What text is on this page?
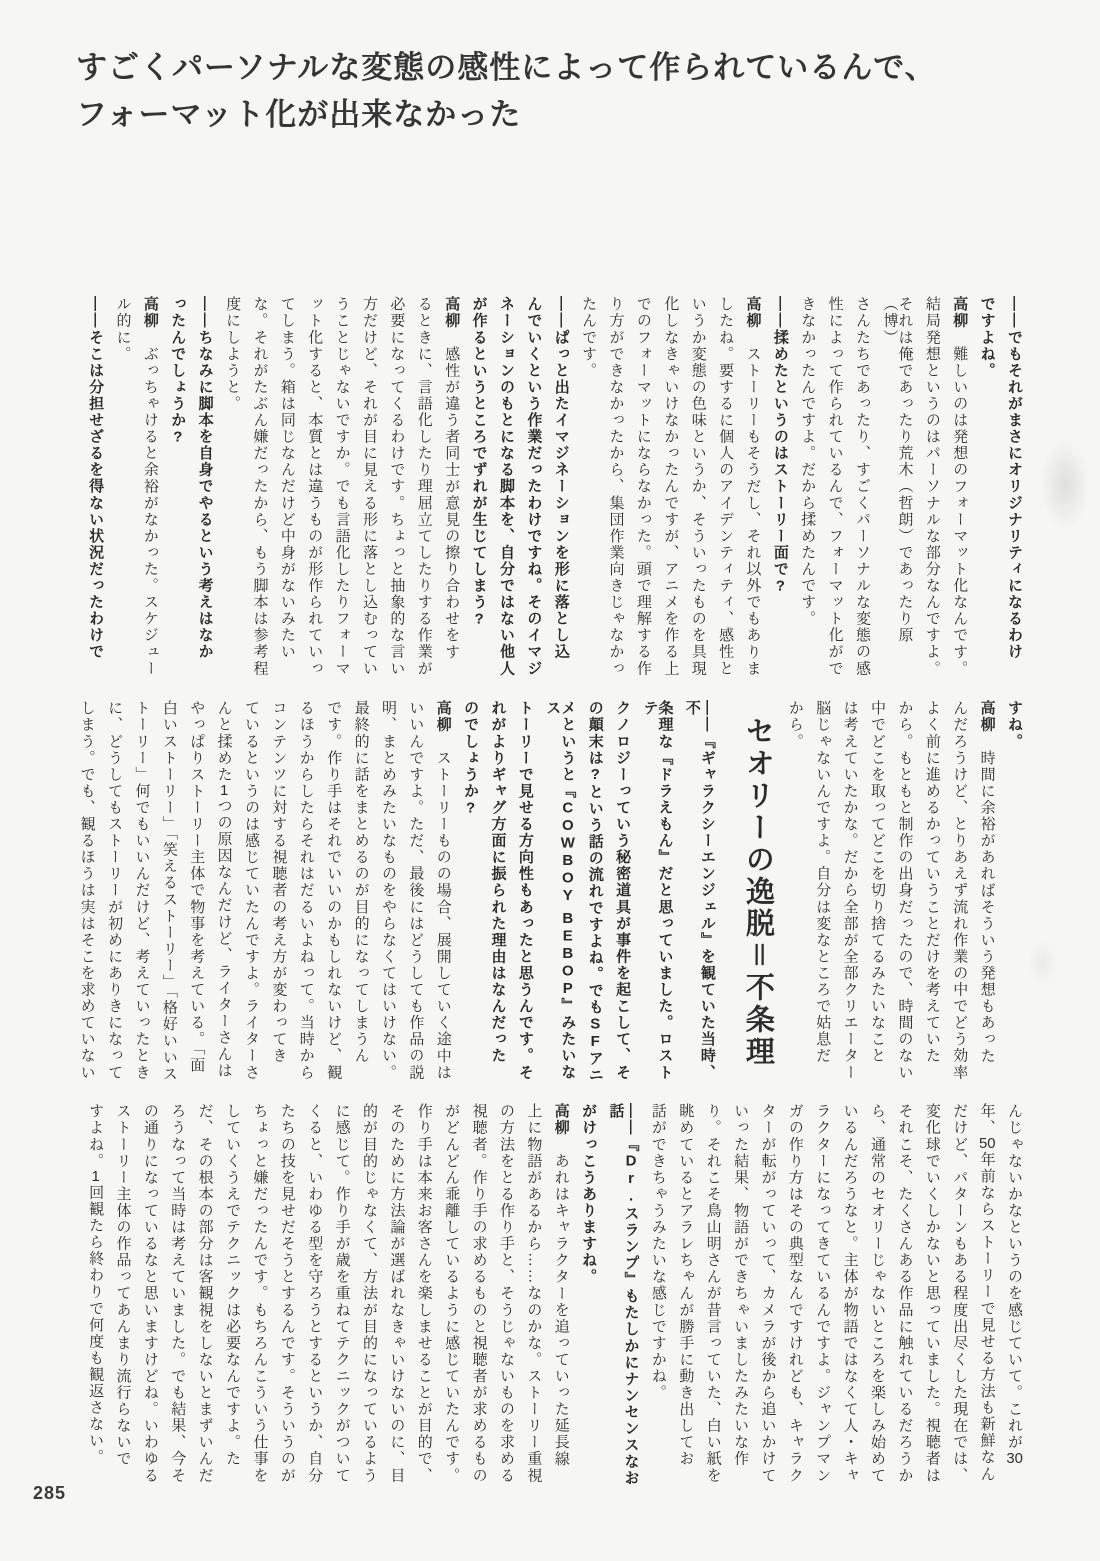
すごくパーソナルな変態の感性によって作られているんで、
フォーマット化が出来なかった
——でもそれがまさにオリジナリティになるわけ
ですよね。
高柳　難しいのは発想のフォーマット化なんです。
結局発想というのはパーソナルな部分なんですよ。
それは俺であったり荒木（哲朗）であったり原（博）
さんたちであったり、すごくパーソナルな変態の感
性によって作られているんで、フォーマット化がで
きなかったんですよ。だから揉めたんです。
——揉めたというのはストーリー面で?
高柳　ストーリーもそうだし、それ以外でもありま
したね。要するに個人のアイデンティティ、感性と
いうか変態の色味というか、そういったものを具現
化しなきゃいけなかったんですが、アニメを作る上
でのフォーマットにならなかった。頭で理解する作
り方ができなかったから、集団作業向きじゃなかっ
たんです。
——ぱっと出たイマジネーションを形に落とし込
んでいくという作業だったわけですね。そのイマジ
ネーションのもとになる脚本を、自分ではない他人
が作るというところでずれが生じてしまう?
高柳　感性が違う者同士が意見の擦り合わせをす
るときに、言語化したり理屈立てしたりする作業が
必要になってくるわけです。ちょっと抽象的な言い
方だけど、それが目に見える形に落とし込むってい
うことじゃないですか。でも言語化したりフォーマ
ット化すると、本質とは違うものが形作られていっ
てしまう。箱は同じなんだけど中身がないみたい
な。それがたぶん嫌だったから、もう脚本は参考程
度にしようと。
——ちなみに脚本を自身でやるという考えはなか
ったんでしょうか?
高柳　ぶっちゃけると余裕がなかった。スケジュー
ル的に。
——そこは分担せざるを得ない状況だったわけで
すね。
高柳　時間に余裕があればそういう発想もあった
んだろうけど、とりあえず流れ作業の中でどう効率
よく前に進めるかっていうことだけを考えていた
から。もともと制作の出身だったので、時間のない
中でどこを取ってどこを切り捨てるみたいなこと
は考えていたかな。だから全部が全部クリエーター
脳じゃないんですよ。自分は変なところで姑息だ
から。
セオリーの逸脱＝不条理
——『ギャラクシーエンジェル』を観ていた当時、不
条理な『ドラえもん』だと思っていました。ロストテ
クノロジーっていう秘密道具が事件を起こして、そ
の顛末は?という話の流れですよね。でもSFアニ
メというと『COWBOY BEBOP』みたいなス
トーリーで見せる方向性もあったと思うんです。そ
れがよりギャグ方面に振られた理由はなんだった
のでしょうか?
高柳　ストーリーものの場合、展開していく途中は
いいんですよ。ただ、最後にはどうしても作品の説
明、まとめみたいなものをやらなくてはいけない。
最終的に話をまとめるのが目的になってしまうん
です。作り手はそれでいいのかもしれないけど、観
るほうからしたらそれはだるいよねって。当時から
コンテンツに対する視聴者の考え方が変わってき
ているというのは感じていたんですよ。ライターさ
んと揉めた1つの原因なんだけど、ライターさんは
やっぱりストーリー主体で物事を考えている。「面
白いストーリー」「笑えるストーリー」「格好いいス
トーリー」何でもいいんだけど、考えていったとき
に、どうしてもストーリーが初めにありきになって
しまう。でも、観るほうは実はそこを求めていない
んじゃないかなというのを感じていて。これが30
年、50年前ならストーリーで見せる方法も新鮮なん
だけど、パターンもある程度出尽くした現在では、
変化球でいくしかないと思っていました。視聴者は
それこそ、たくさんある作品に触れているだろうか
ら、通常のセオリーじゃないところを楽しみ始めて
いるんだろうなと。主体が物語ではなくて人・キャ
ラクターになってきているんですよ。ジャンプマン
ガの作り方はその典型なんですけれども、キャラク
ターが転がっていって、カメラが後から追いかけて
いった結果、物語ができちゃいましたみたいな作
り。それこそ鳥山明さんが昔言っていた、白い紙を
眺めているとアラレちゃんが勝手に動き出してお
話ができちゃうみたいな感じですかね。
——『Dr.スランプ』もたしかにナンセンスなお話
がけっこうありますね。
高柳　あれはキャラクターを追っていった延長線
上に物語があるから……なのかな。ストーリー重視
の方法をとる作り手と、そうじゃないものを求める
視聴者。作り手の求めるものと視聴者が求めるもの
がどんどん乖離しているように感じていたんです。
作り手は本来お客さんを楽しませることが目的で、
そのために方法論が選ばれなきゃいけないのに、目
的が目的じゃなくて、方法が目的になっているよう
に感じて。作り手が歳を重ねてテクニックがついて
くると、いわゆる型を守ろうとするというか、自分
たちの技を見せだそうとするんです。そういうのが
ちょっと嫌だったんです。もちろんこういう仕事を
していくうえでテクニックは必要なんですよ。た
だ、その根本の部分は客観視をしないとまずいんだ
ろうなって当時は考えていました。でも結果、今そ
の通りになっているなと思いますけどね。いわゆる
ストーリー主体の作品ってあんまり流行らないで
すよね。1回観たら終わりで何度も観返さない。
285
